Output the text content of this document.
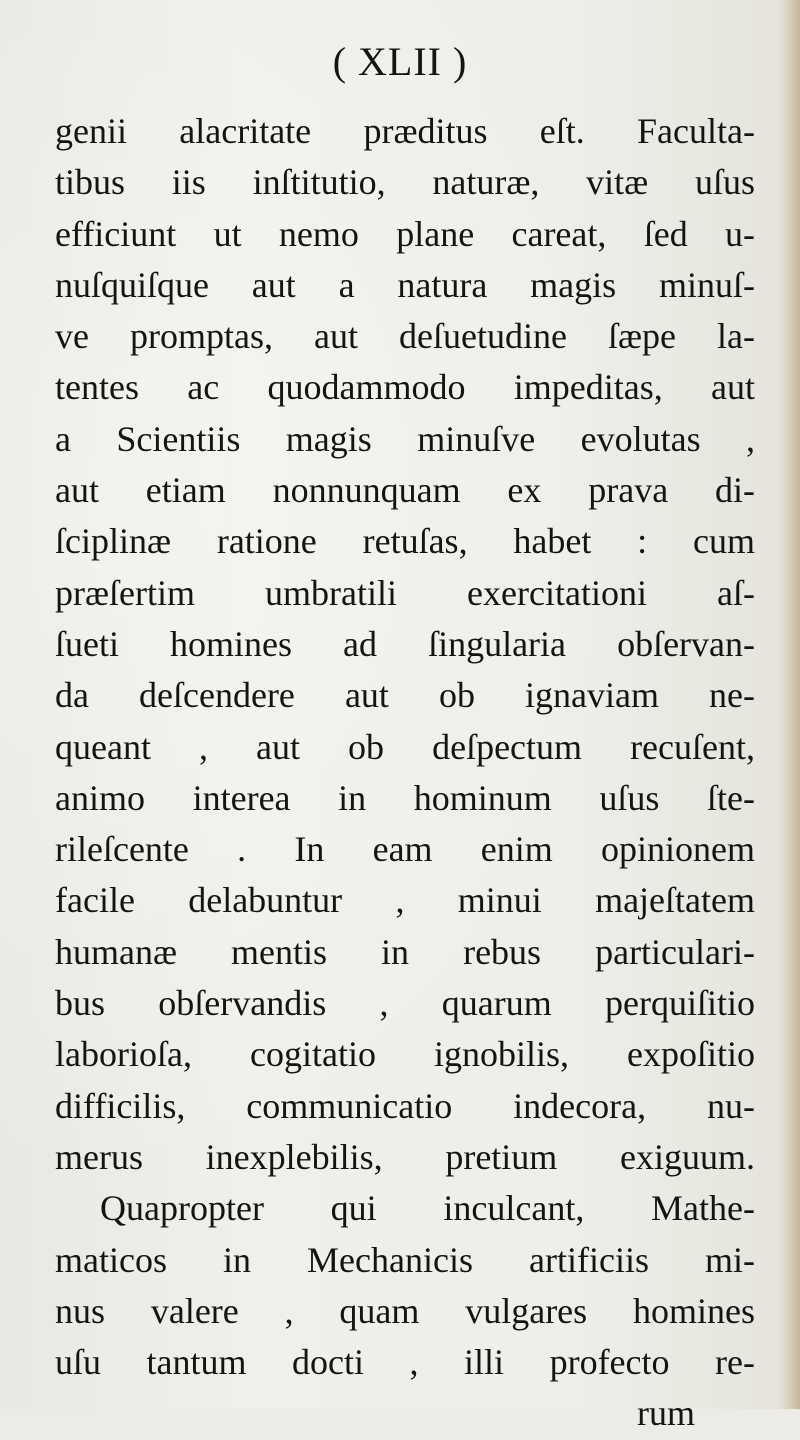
( XLII )
genii alacritate præditus eſt. Faculta-
tibus iis inſtitutio, naturæ, vitæ uſus
efficiunt ut nemo plane careat, ſed u-
nuſquiſque aut a natura magis minuſ-
ve promptas, aut deſuetudine ſæpe la-
tentes ac quodammodo impeditas, aut
a Scientiis magis minuſve evolutas ,
aut etiam nonnunquam ex prava di-
ſciplinæ ratione retuſas, habet : cum
præſertim umbratili exercitationi aſ-
ſueti homines ad ſingularia obſervan-
da deſcendere aut ob ignaviam ne-
queant , aut ob deſpectum recuſent,
animo interea in hominum uſus ſte-
rileſcente . In eam enim opinionem
facile delabuntur , minui majeſtatem
humanæ mentis in rebus particulari-
bus obſervandis , quarum perquiſitio
laborioſa, cogitatio ignobilis, expoſitio
difficilis, communicatio indecora, nu-
merus inexplebilis, pretium exiguum.
Quapropter qui inculcant, Mathe-
maticos in Mechanicis artificiis mi-
nus valere , quam vulgares homines
uſu tantum docti , illi profecto re-
rum
